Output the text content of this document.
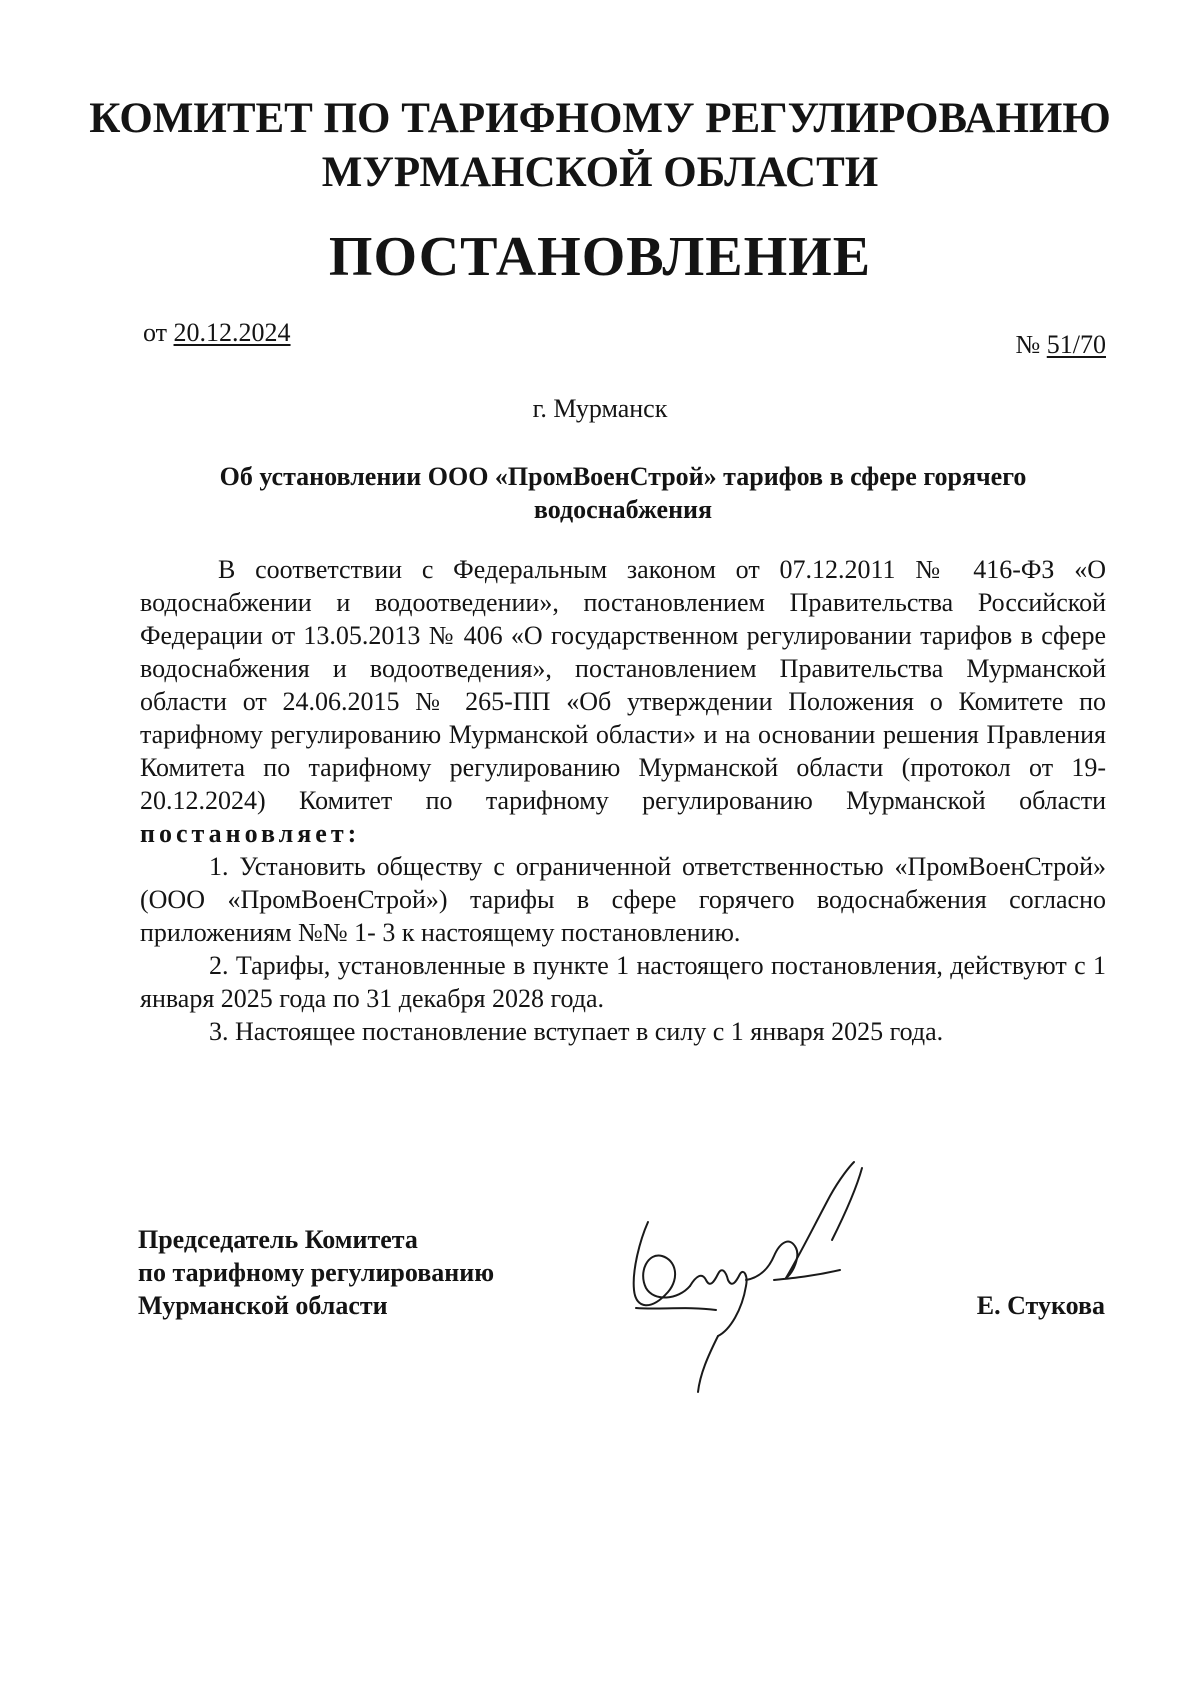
КОМИТЕТ ПО ТАРИФНОМУ РЕГУЛИРОВАНИЮ
МУРМАНСКОЙ ОБЛАСТИ
ПОСТАНОВЛЕНИЕ
от 20.12.2024	№ 51/70
г. Мурманск
Об установлении ООО «ПромВоенСтрой» тарифов в сфере горячего
водоснабжения

В соответствии с Федеральным законом от 07.12.2011 № 416-ФЗ «О водоснабжении и водоотведении», постановлением Правительства Российской Федерации от 13.05.2013 № 406 «О государственном регулировании тарифов в сфере водоснабжения и водоотведения», постановлением Правительства Мурманской области от 24.06.2015 № 265-ПП «Об утверждении Положения о Комитете по тарифному регулированию Мурманской области» и на основании решения Правления Комитета по тарифному регулированию Мурманской области (протокол от 19-20.12.2024) Комитет по тарифному регулированию Мурманской области

постановляет:

1. Установить обществу с ограниченной ответственностью «ПромВоенСтрой» (ООО «ПромВоенСтрой») тарифы в сфере горячего водоснабжения согласно приложениям №№ 1- 3 к настоящему постановлению.

2. Тарифы, установленные в пункте 1 настоящего постановления, действуют с 1 января 2025 года по 31 декабря 2028 года.

3. Настоящее постановление вступает в силу с 1 января 2025 года.

Председатель Комитета
по тарифному регулированию
Мурманской области	Е. Стукова
